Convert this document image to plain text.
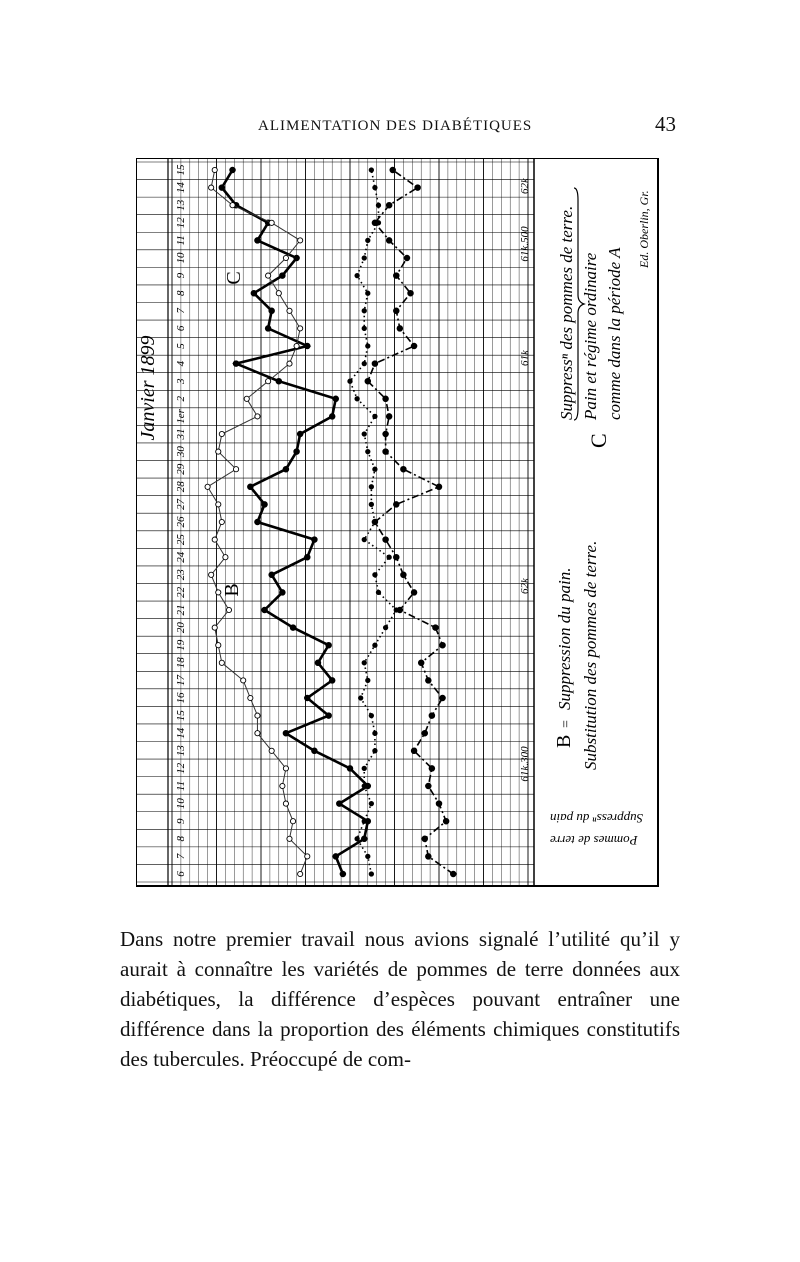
ALIMENTATION DES DIABÉTIQUES	43
6
7
8
9
10
11
12
13
14
15
16
17
18
19
20
21
22
23
24
25
26
27
28
29
30
31
1er
2
3
4
5
6
7
8
9
10
11
12
13
14
15
Janvier 1899
B
C
61k.300
62k
61k
61k.500
62k
B
=
Suppression du pain. Substitution des pommes de terre.
C
Suppressⁿ des pommes de terre. Pain et régime ordinaire comme dans la période A
Suppressⁿ du pain
Pommes de terre
Ed. Oberlin, Gr.

Dans notre premier travail nous avions signalé l’utilité qu’il y aurait à connaître les variétés de pommes de terre données aux diabétiques, la différence d’espèces pouvant entraîner une différence dans la proportion des éléments chimiques constitutifs des tubercules. Préoccupé de com-
